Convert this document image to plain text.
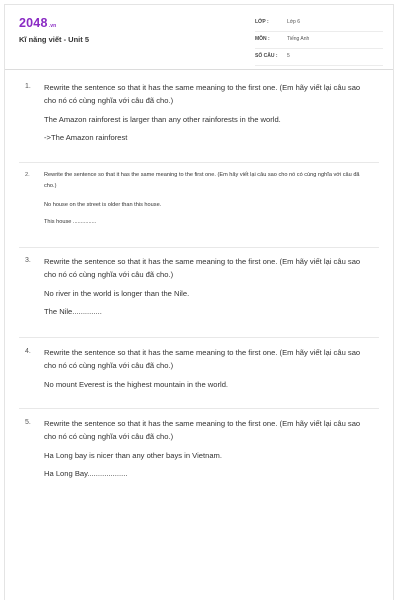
2048.vn
Kĩ năng viết - Unit 5
LỚP :	Lớp 6
MÔN :	Tiếng Anh
SỐ CÂU : 5
1. Rewrite the sentence so that it has the same meaning to the first one. (Em hãy viết lại câu sao cho nó có cùng nghĩa với câu đã cho.)
The Amazon rainforest is larger than any other rainforests in the world.
->The Amazon rainforest
2.	Rewrite the sentence so that it has the same meaning to the first one. (Em hãy viết lại câu sao cho nó có cùng nghĩa với câu đã cho.)
No house on the street is older than this house.
This house ...............
3. Rewrite the sentence so that it has the same meaning to the first one. (Em hãy viết lại câu sao cho nó có cùng nghĩa với câu đã cho.)
No river in the world is longer than the Nile.
The Nile..............
4. Rewrite the sentence so that it has the same meaning to the first one. (Em hãy viết lại câu sao cho nó có cùng nghĩa với câu đã cho.)
No mount Everest is the highest mountain in the world.
5. Rewrite the sentence so that it has the same meaning to the first one. (Em hãy viết lại câu sao cho nó có cùng nghĩa với câu đã cho.)
Ha Long bay is nicer than any other bays in Vietnam.
Ha Long Bay...................
